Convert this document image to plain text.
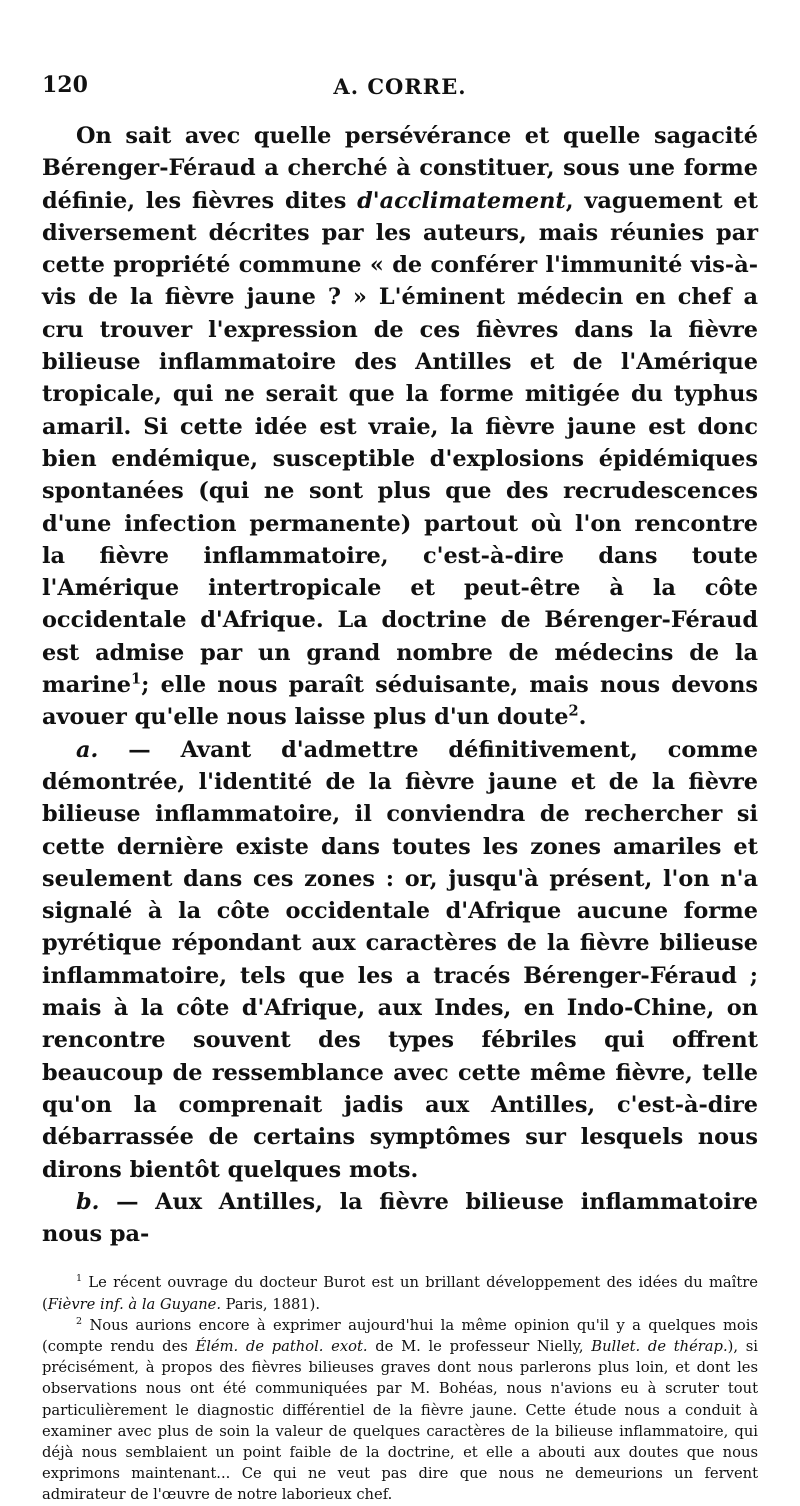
120	A. CORRE.

On sait avec quelle persévérance et quelle sagacité Bérenger-Féraud a cherché à constituer, sous une forme définie, les fièvres dites d'acclimatement, vaguement et diversement décrites par les auteurs, mais réunies par cette propriété commune « de conférer l'immunité vis-à-vis de la fièvre jaune ? » L'éminent médecin en chef a cru trouver l'expression de ces fièvres dans la fièvre bilieuse inflammatoire des Antilles et de l'Amérique tropicale, qui ne serait que la forme mitigée du typhus amaril. Si cette idée est vraie, la fièvre jaune est donc bien endémique, susceptible d'explosions épidémiques spontanées (qui ne sont plus que des recrudescences d'une infection permanente) partout où l'on rencontre la fièvre inflammatoire, c'est-à-dire dans toute l'Amérique intertropicale et peut-être à la côte occidentale d'Afrique. La doctrine de Bérenger-Féraud est admise par un grand nombre de médecins de la marine$^1$; elle nous paraît séduisante, mais nous devons avouer qu'elle nous laisse plus d'un doute$^2$.

a. — Avant d'admettre définitivement, comme démontrée, l'identité de la fièvre jaune et de la fièvre bilieuse inflammatoire, il conviendra de rechercher si cette dernière existe dans toutes les zones amariles et seulement dans ces zones : or, jusqu'à présent, l'on n'a signalé à la côte occidentale d'Afrique aucune forme pyrétique répondant aux caractères de la fièvre bilieuse inflammatoire, tels que les a tracés Bérenger-Féraud ; mais à la côte d'Afrique, aux Indes, en Indo-Chine, on rencontre souvent des types fébriles qui offrent beaucoup de ressemblance avec cette même fièvre, telle qu'on la comprenait jadis aux Antilles, c'est-à-dire débarrassée de certains symptômes sur lesquels nous dirons bientôt quelques mots.

b. — Aux Antilles, la fièvre bilieuse inflammatoire nous pa-

$^1$ Le récent ouvrage du docteur Burot est un brillant développement des idées du maître (Fièvre inf. à la Guyane. Paris, 1881).

$^2$ Nous aurions encore à exprimer aujourd'hui la même opinion qu'il y a quelques mois (compte rendu des Élém. de pathol. exot. de M. le professeur Nielly, Bullet. de thérap.), si précisément, à propos des fièvres bilieuses graves dont nous parlerons plus loin, et dont les observations nous ont été communiquées par M. Bohéas, nous n'avions eu à scruter tout particulièrement le diagnostic différentiel de la fièvre jaune. Cette étude nous a conduit à examiner avec plus de soin la valeur de quelques caractères de la bilieuse inflammatoire, qui déjà nous semblaient un point faible de la doctrine, et elle a abouti aux doutes que nous exprimons maintenant... Ce qui ne veut pas dire que nous ne demeurions un fervent admirateur de l'œuvre de notre laborieux chef.
